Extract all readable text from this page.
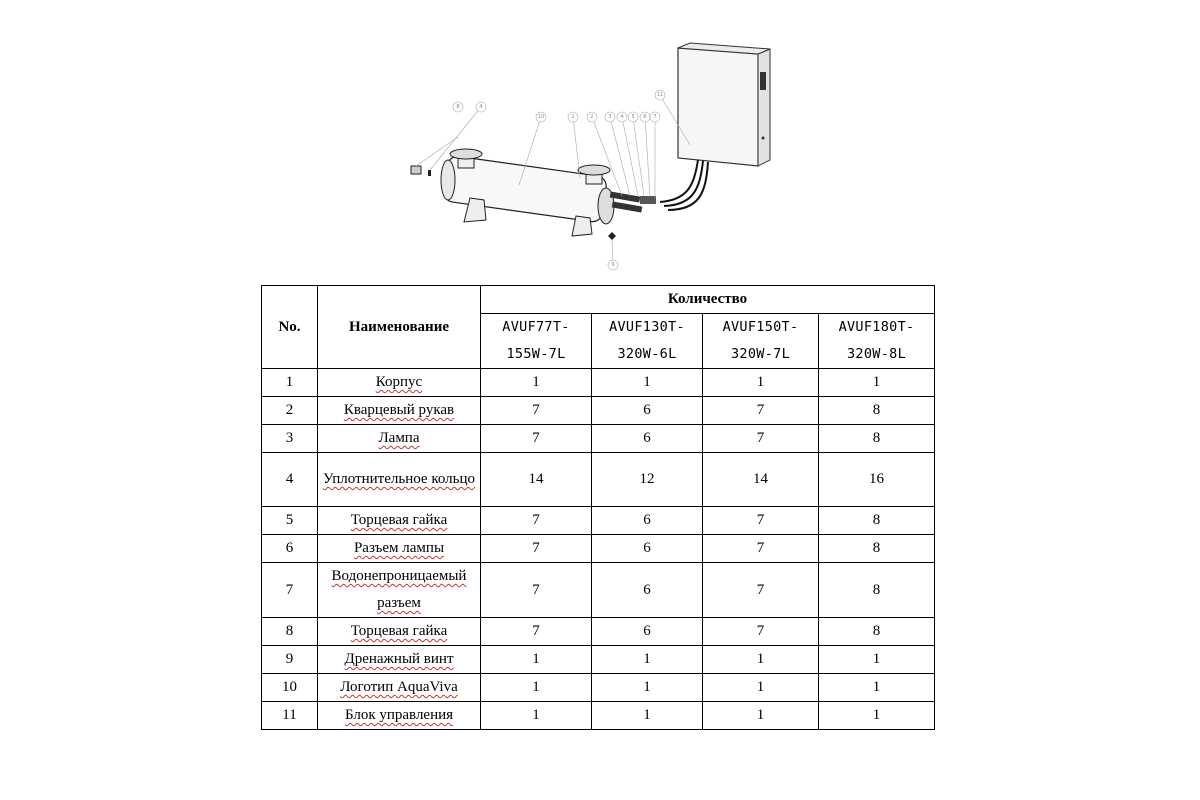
8	4
10	1	2	3 4 5 6 7
11
9
No.	Наименование	Количество			
		AVUF77T-155W-7L	AVUF130T-320W-6L	AVUF150T-320W-7L	AVUF180T-320W-8L
1	Корпус	1	1	1	1
2	Кварцевый рукав	7	6	7	8
3	Лампа	7	6	7	8
4	Уплотнительное кольцо	14	12	14	16
5	Торцевая гайка	7	6	7	8
6	Разъем лампы	7	6	7	8
7	Водонепроницаемый разъем	7	6	7	8
8	Торцевая гайка	7	6	7	8
9	Дренажный винт	1	1	1	1
10	Логотип AquaViva	1	1	1	1
11	Блок управления	1	1	1	1
